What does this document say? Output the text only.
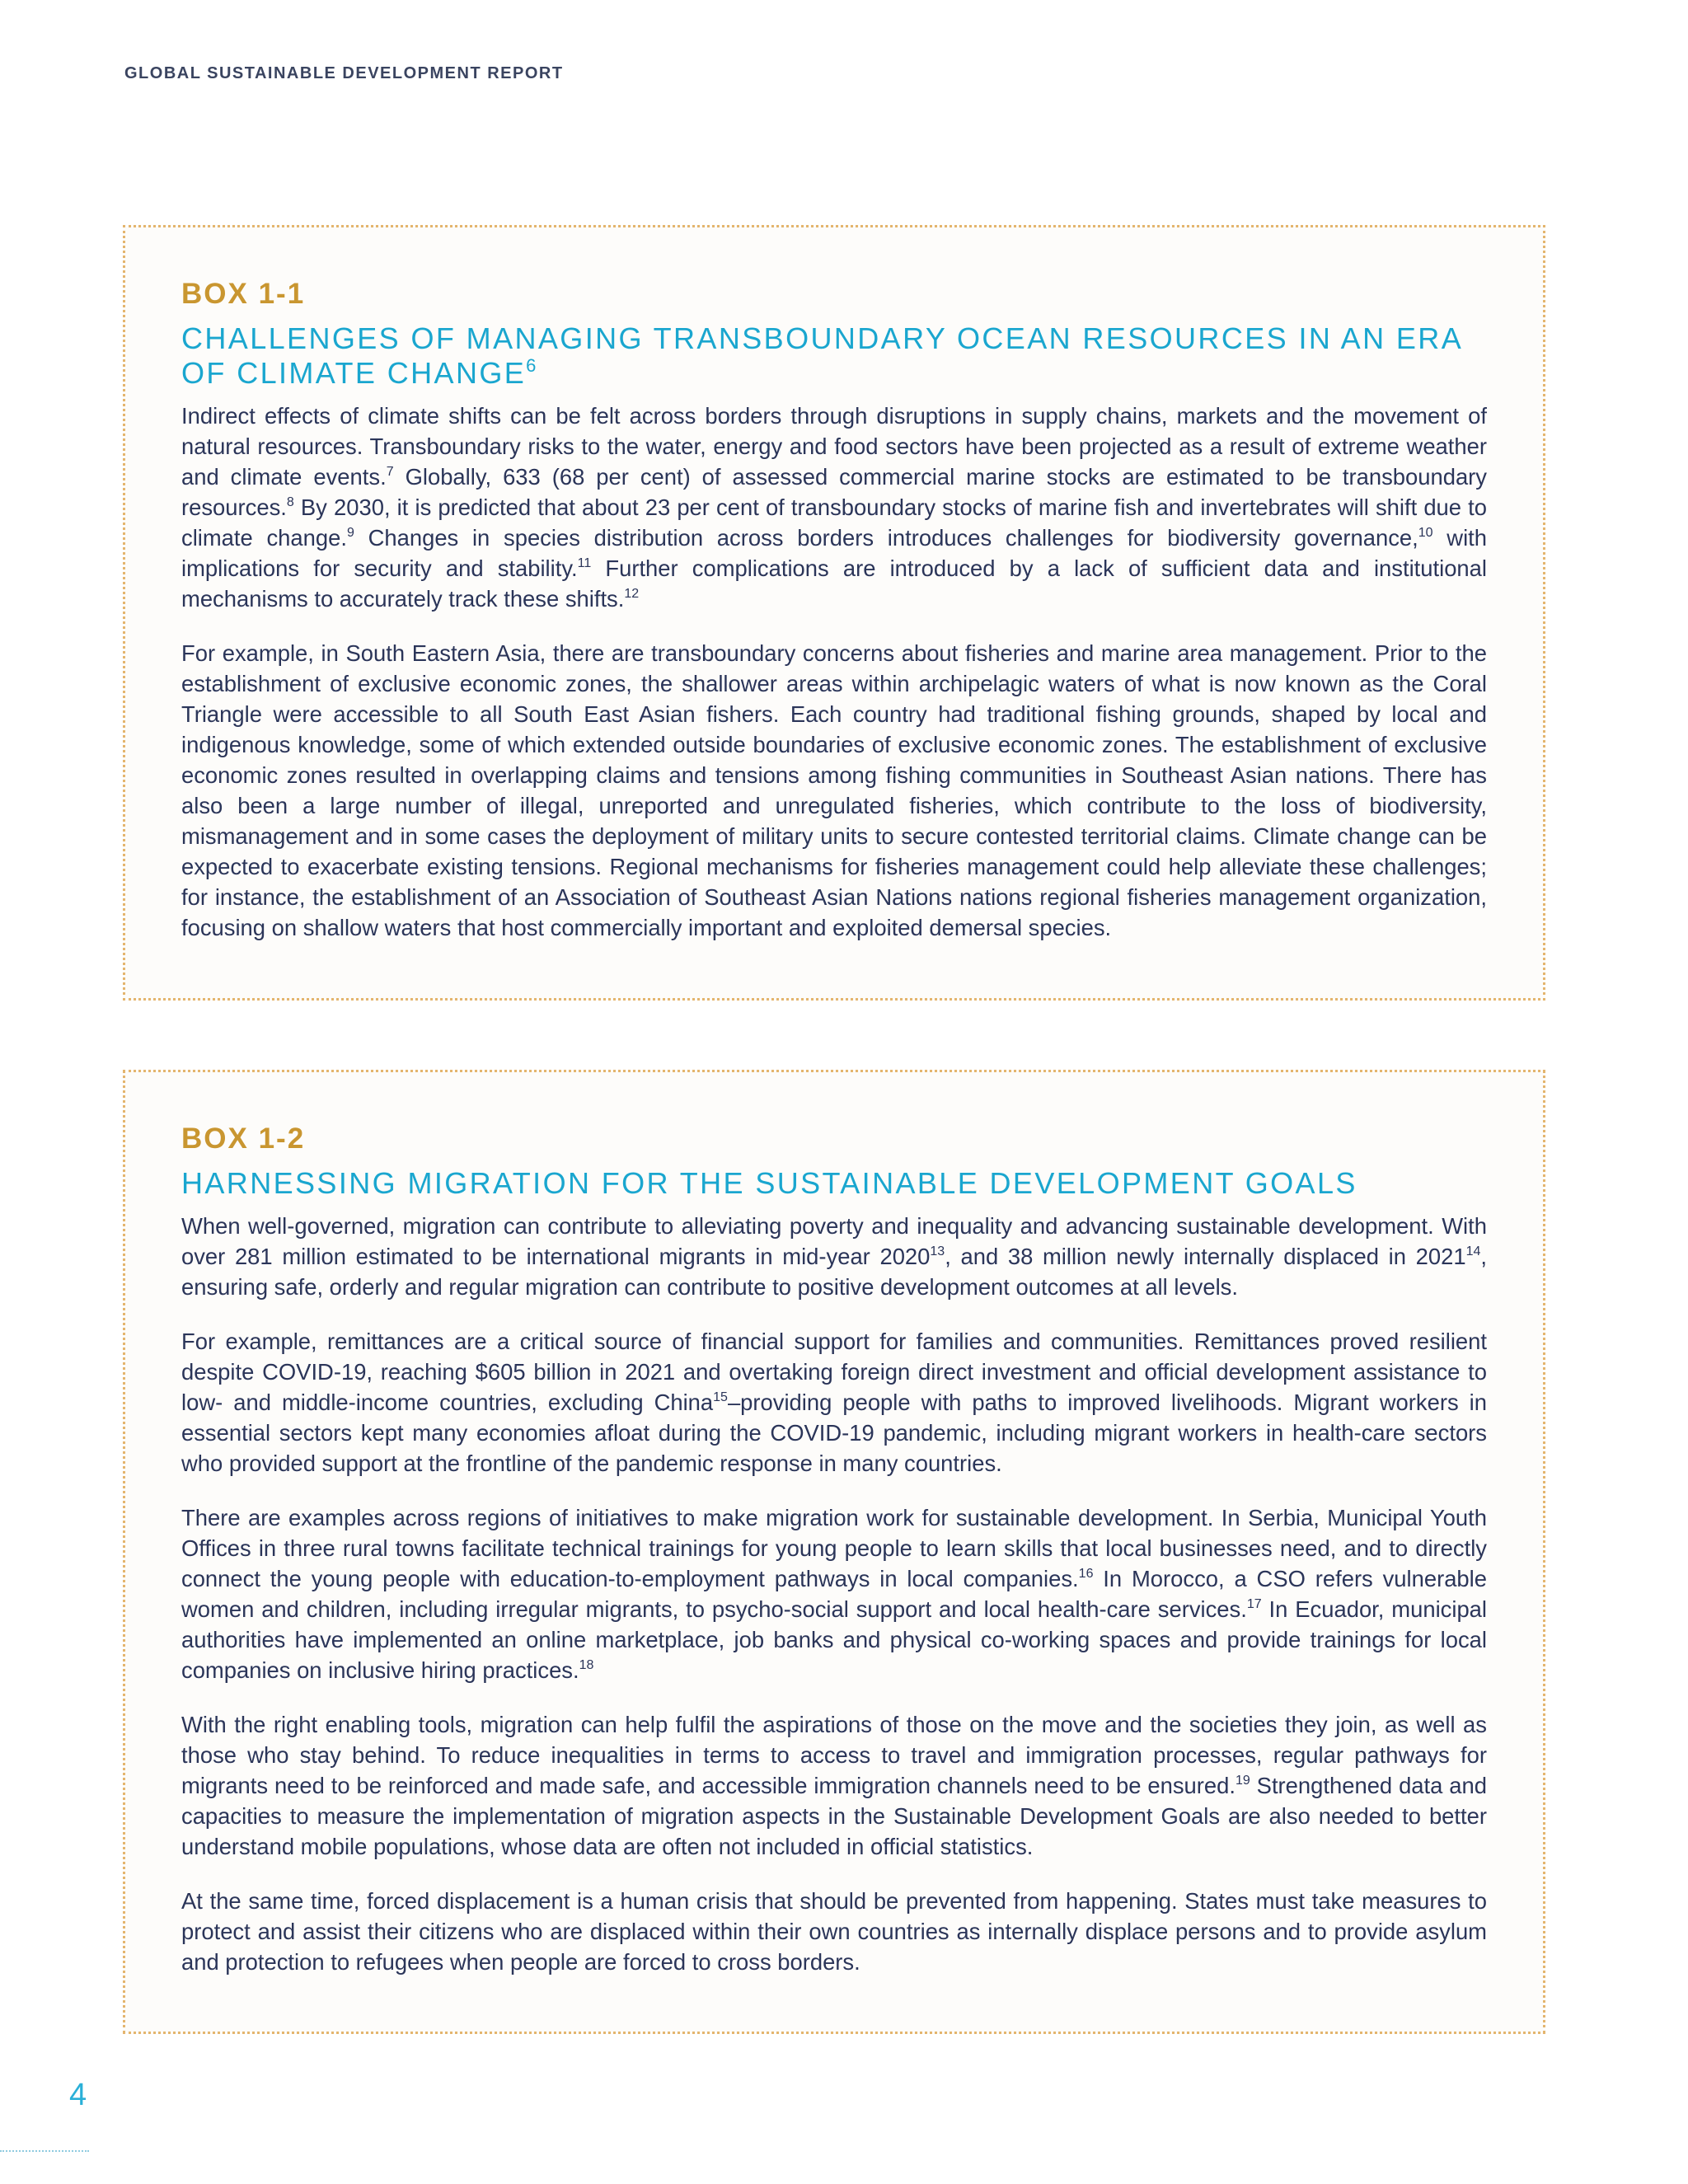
GLOBAL SUSTAINABLE DEVELOPMENT REPORT
BOX 1-1
CHALLENGES OF MANAGING TRANSBOUNDARY OCEAN RESOURCES IN AN ERA OF CLIMATE CHANGE$^6$

Indirect effects of climate shifts can be felt across borders through disruptions in supply chains, markets and the movement of natural resources. Transboundary risks to the water, energy and food sectors have been projected as a result of extreme weather and climate events.$^7$ Globally, 633 (68 per cent) of assessed commercial marine stocks are estimated to be transboundary resources.$^8$ By 2030, it is predicted that about 23 per cent of transboundary stocks of marine fish and invertebrates will shift due to climate change.$^9$ Changes in species distribution across borders introduces challenges for biodiversity governance,$^{10}$ with implications for security and stability.$^{11}$ Further complications are introduced by a lack of sufficient data and institutional mechanisms to accurately track these shifts.$^{12}$

For example, in South Eastern Asia, there are transboundary concerns about fisheries and marine area management. Prior to the establishment of exclusive economic zones, the shallower areas within archipelagic waters of what is now known as the Coral Triangle were accessible to all South East Asian fishers. Each country had traditional fishing grounds, shaped by local and indigenous knowledge, some of which extended outside boundaries of exclusive economic zones. The establishment of exclusive economic zones resulted in overlapping claims and tensions among fishing communities in Southeast Asian nations. There has also been a large number of illegal, unreported and unregulated fisheries, which contribute to the loss of biodiversity, mismanagement and in some cases the deployment of military units to secure contested territorial claims. Climate change can be expected to exacerbate existing tensions. Regional mechanisms for fisheries management could help alleviate these challenges; for instance, the establishment of an Association of Southeast Asian Nations nations regional fisheries management organization, focusing on shallow waters that host commercially important and exploited demersal species.

BOX 1-2
HARNESSING MIGRATION FOR THE SUSTAINABLE DEVELOPMENT GOALS

When well-governed, migration can contribute to alleviating poverty and inequality and advancing sustainable development. With over 281 million estimated to be international migrants in mid-year 2020$^{13}$, and 38 million newly internally displaced in 2021$^{14}$, ensuring safe, orderly and regular migration can contribute to positive development outcomes at all levels.

For example, remittances are a critical source of financial support for families and communities. Remittances proved resilient despite COVID-19, reaching $605 billion in 2021 and overtaking foreign direct investment and official development assistance to low- and middle-income countries, excluding China$^{15}$–providing people with paths to improved livelihoods. Migrant workers in essential sectors kept many economies afloat during the COVID-19 pandemic, including migrant workers in health-care sectors who provided support at the frontline of the pandemic response in many countries.

There are examples across regions of initiatives to make migration work for sustainable development. In Serbia, Municipal Youth Offices in three rural towns facilitate technical trainings for young people to learn skills that local businesses need, and to directly connect the young people with education-to-employment pathways in local companies.$^{16}$ In Morocco, a CSO refers vulnerable women and children, including irregular migrants, to psycho-social support and local health-care services.$^{17}$ In Ecuador, municipal authorities have implemented an online marketplace, job banks and physical co-working spaces and provide trainings for local companies on inclusive hiring practices.$^{18}$

With the right enabling tools, migration can help fulfil the aspirations of those on the move and the societies they join, as well as those who stay behind. To reduce inequalities in terms to access to travel and immigration processes, regular pathways for migrants need to be reinforced and made safe, and accessible immigration channels need to be ensured.$^{19}$ Strengthened data and capacities to measure the implementation of migration aspects in the Sustainable Development Goals are also needed to better understand mobile populations, whose data are often not included in official statistics.

At the same time, forced displacement is a human crisis that should be prevented from happening. States must take measures to protect and assist their citizens who are displaced within their own countries as internally displace persons and to provide asylum and protection to refugees when people are forced to cross borders.

4
